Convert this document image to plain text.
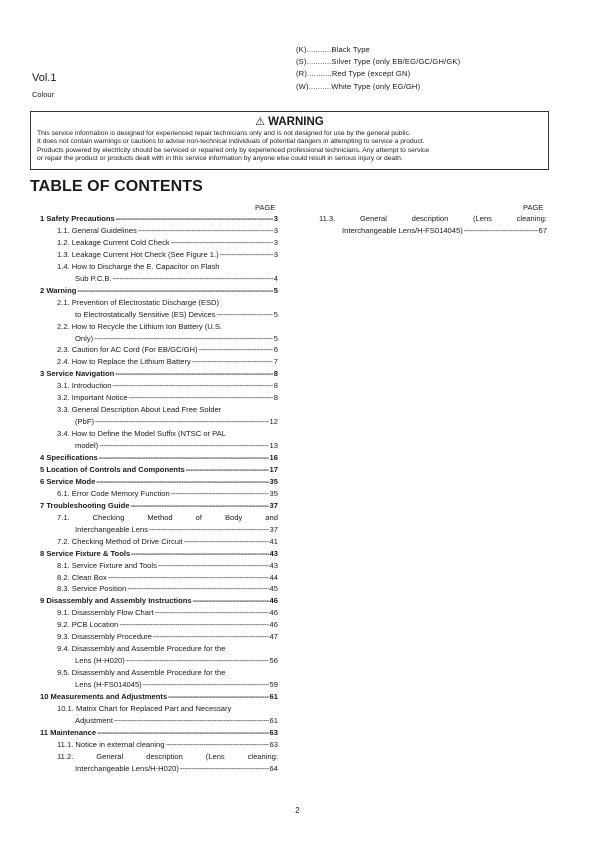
Vol.1
Colour
(K)...........Black Type
(S)...........Silver Type (only EB/EG/GC/GH/GK)
(R)...........Red Type (except GN)
(W)..........White Type (only EG/GH)
⚠ WARNING
This service information is designed for experienced repair technicians only and is not designed for use by the general public.
It does not contain warnings or cautions to advise non-technical individuals of potential dangers in attempting to service a product.
Products powered by electricity should be serviced or repaired only by experienced professional technicians. Any attempt to service
or repair the product or products dealt with in this service information by anyone else could result in serious injury or death.
TABLE OF CONTENTS
PAGE	PAGE
1 Safety Precautions -----	3
1.1. General Guidelines -----	3
1.2. Leakage Current Cold Check -----	3
1.3. Leakage Current Hot Check (See Figure 1.) -----	3
1.4. How to Discharge the E. Capacitor on Flash
Sub P.C.B. -----	4
2 Warning -----	5
2.1. Prevention of Electrostatic Discharge (ESD)
to Electrostatically Sensitive (ES) Devices -----	5
2.2. How to Recycle the Lithium Ion Battery (U.S.
Only) -----	5
2.3. Caution for AC Cord (For EB/GC/GH) -----	6
2.4. How to Replace the Lithium Battery -----	7
3 Service Navigation -----	8
3.1. Introduction -----	8
3.2. Important Notice -----	8
3.3. General Description About Lead Free Solder
(PbF) -----	12
3.4. How to Define the Model Suffix (NTSC or PAL
model) -----	13
4 Specifications -----	16
5 Location of Controls and Components -----	17
6 Service Mode -----	35
6.1. Error Code Memory Function -----	35
7 Troubleshooting Guide -----	37
7.1.	Checking	Method	of	Body	and
Interchangeable Lens -----	37
7.2. Checking Method of Drive Circuit -----	41
8 Service Fixture & Tools -----	43
8.1. Service Fixture and Tools -----	43
8.2. Clean Box -----	44
8.3. Service Position -----	45
9 Disassembly and Assembly Instructions -----	46
9.1. Disassembly Flow Chart -----	46
9.2. PCB Location -----	46
9.3. Disassembly Procedure -----	47
9.4. Disassembly and Assemble Procedure for the
Lens (H-H020) -----	56
9.5. Disassembly and Assemble Procedure for the
Lens (H-FS014045) -----	59
10 Measurements and Adjustments -----	61
10.1. Matrix Chart for Replaced Part and Necessary
Adjustment -----	61
11 Maintenance -----	63
11.1. Notice in external cleaning -----	63
11.2.	General	description	(Lens	cleaning:
Interchangeable Lens/H-H020) -----	64
11.3.	General	description	(Lens	cleaning:
Interchangeable Lens/H-FS014045) -----	67
2
